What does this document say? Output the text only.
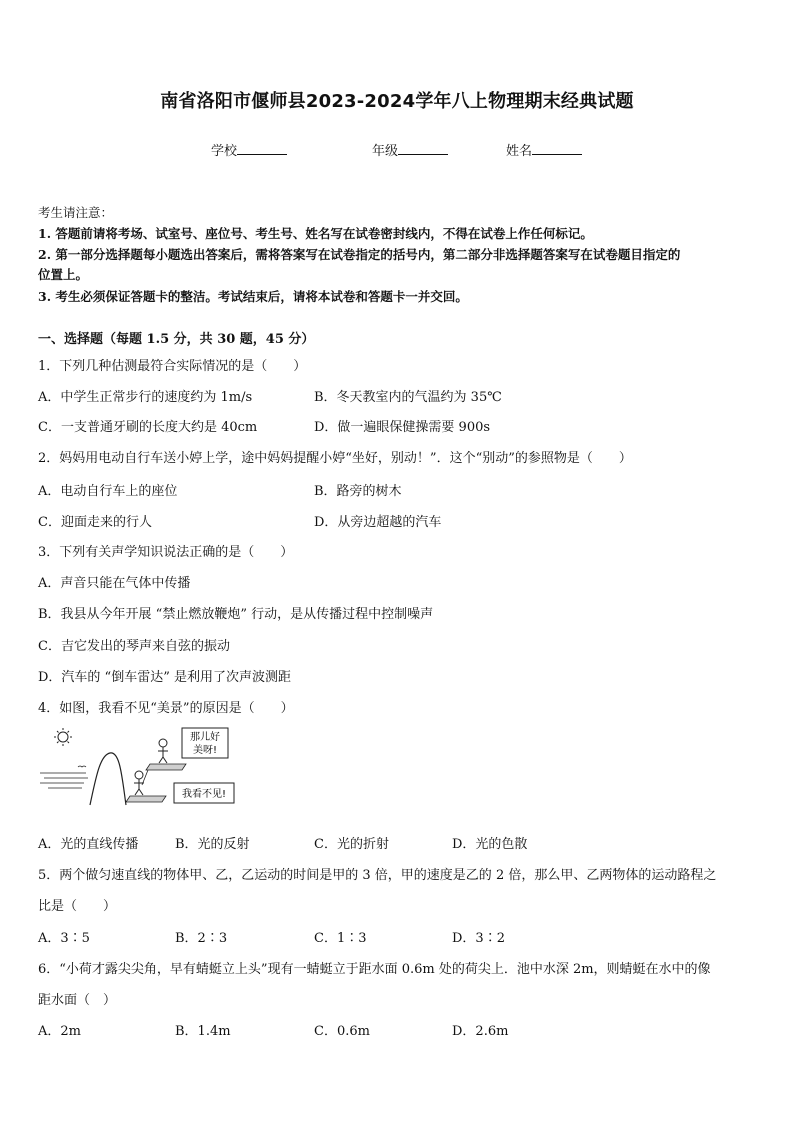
南省洛阳市偃师县2023-2024学年八上物理期末经典试题
学校	年级	姓名
考生请注意：
1. 答题前请将考场、试室号、座位号、考生号、姓名写在试卷密封线内，不得在试卷上作任何标记。
2. 第一部分选择题每小题选出答案后，需将答案写在试卷指定的括号内，第二部分非选择题答案写在试卷题目指定的
位置上。
3. 考生必须保证答题卡的整洁。考试结束后，请将本试卷和答题卡一并交回。
一、选择题（每题 1.5 分，共 30 题，45 分）
1．下列几种估测最符合实际情况的是（　　）
A．中学生正常步行的速度约为 1m/s	B．冬天教室内的气温约为 35℃
C．一支普通牙刷的长度大约是 40cm	D．做一遍眼保健操需要 900s
2．妈妈用电动自行车送小婷上学，途中妈妈提醒小婷“坐好，别动！”．这个“别动”的参照物是（　　）
A．电动自行车上的座位	B．路旁的树木
C．迎面走来的行人	D．从旁边超越的汽车
3．下列有关声学知识说法正确的是（　　）
A．声音只能在气体中传播
B．我县从今年开展 “禁止燃放鞭炮” 行动，是从传播过程中控制噪声
C．吉它发出的琴声来自弦的振动
D．汽车的 “倒车雷达” 是利用了次声波测距
4．如图，我看不见“美景”的原因是（　　）
那儿好
美呀!
我看不见!
A．光的直线传播	B．光的反射	C．光的折射	D．光的色散
5．两个做匀速直线的物体甲、乙，乙运动的时间是甲的 3 倍，甲的速度是乙的 2 倍，那么甲、乙两物体的运动路程之
比是（　　）
A．3∶5	B．2∶3	C．1∶3	D．3∶2
6．“小荷才露尖尖角，早有蜻蜓立上头”现有一蜻蜓立于距水面 0.6m 处的荷尖上．池中水深 2m，则蜻蜓在水中的像
距水面（　）
A．2m	B．1.4m	C．0.6m	D．2.6m
